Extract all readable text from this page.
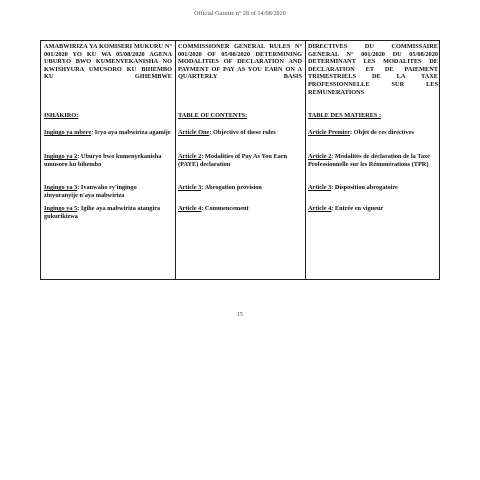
Official Gazette n° 28 of 14/08/2020
AMABWIRIZA YA KOMISERI MUKURU N° 001/2020 YO KU WA 05/08/2020 AGENA UBURYO BWO KUMENYEKANISHA NO KWISHYURA UMUSORO KU BIHEMBO KU GIHEMBWE
ISHAKIRO:
Ingingo ya mbere: Icyo aya mabwiriza agamije
Ingingo ya 2: Uburyo bwo kumenyekanisha umusoro ku bihembo
Ingingo ya 3: Ivanwaho ry'ingingo zinyuranyije n'aya mabwiriza
Ingingo ya 5: Igihe aya mabwiriza atangira gukurikizwa
COMMISSIONER GENERAL RULES N° 001/2020 OF 05/08/2020 DETERMINING MODALITIES OF DECLARATION AND PAYMENT OF PAY AS YOU EARN ON A QUARTERLY BASIS
TABLE OF CONTENTS:
Article One: Objective of these rules
Article 2: Modalities of Pay As You Earn (PAYE) declaration
Article 3: Abrogation provision
Article 4: Commencement
DIRECTIVES DU COMMISSAIRE GENERAL N° 001/2020 DU 05/08/2020 DETERMINANT LES MODALITES DE DECLARATION ET DE PAIEMENT TRIMESTRIELS DE LA TAXE PROFESSIONNELLE SUR LES REMUNERATIONS
TABLE DES MATIERES :
Article Premier: Objet de ces directives
Article 2: Modalités de déclaration de la Taxe Professionnelle sur les Rémunérations (TPR)
Article 3: Disposition abrogatoire
Article 4: Entrée en vigueur
15
